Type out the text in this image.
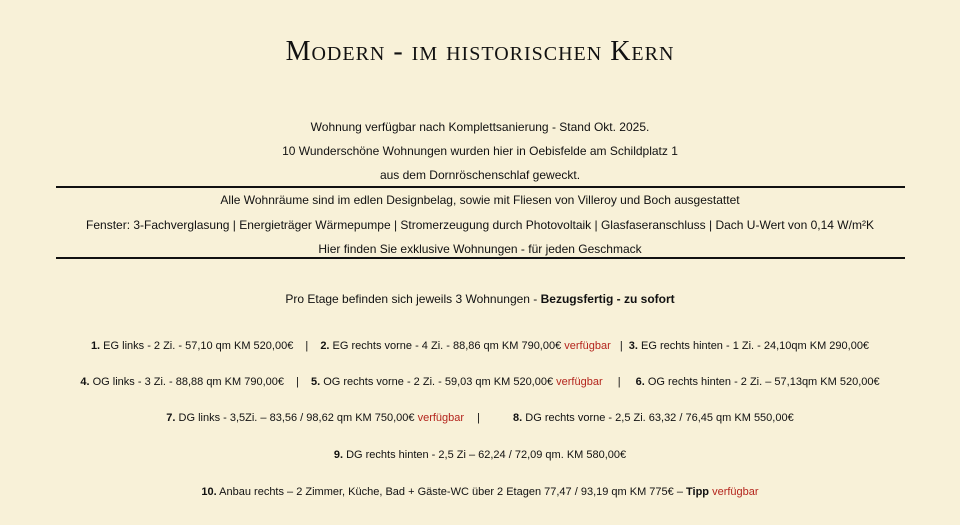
Modern - im historischen Kern
Wohnung verfügbar nach Komplettsanierung - Stand Okt. 2025.
10 Wunderschöne Wohnungen wurden hier in Oebisfelde am Schildplatz 1
aus dem Dornröschenschlaf geweckt.
Alle Wohnräume sind im edlen Designbelag, sowie mit Fliesen von Villeroy und Boch ausgestattet
Fenster: 3-Fachverglasung | Energieträger Wärmepumpe | Stromerzeugung durch Photovoltaik | Glasfaseranschluss | Dach U-Wert von 0,14 W/m²K
Hier finden Sie exklusive Wohnungen - für jeden Geschmack
Pro Etage befinden sich jeweils 3 Wohnungen - Bezugsfertig - zu sofort
1. EG links - 2 Zi. - 57,10 qm KM 520,00€ | 2. EG rechts vorne - 4 Zi. - 88,86 qm KM 790,00€ verfügbar | 3. EG rechts hinten - 1 Zi. - 24,10qm KM 290,00€
4. OG links - 3 Zi. - 88,88 qm KM 790,00€ | 5. OG rechts vorne - 2 Zi. - 59,03 qm KM 520,00€ verfügbar | 6. OG rechts hinten - 2 Zi. – 57,13qm KM 520,00€
7. DG links - 3,5Zi. – 83,56 / 98,62 qm KM 750,00€ verfügbar |	8. DG rechts vorne - 2,5 Zi. 63,32 / 76,45 qm KM 550,00€
9. DG rechts hinten - 2,5 Zi – 62,24 / 72,09 qm. KM 580,00€
10. Anbau rechts – 2 Zimmer, Küche, Bad + Gäste-WC über 2 Etagen 77,47 / 93,19 qm KM 775€ – Tipp verfügbar
